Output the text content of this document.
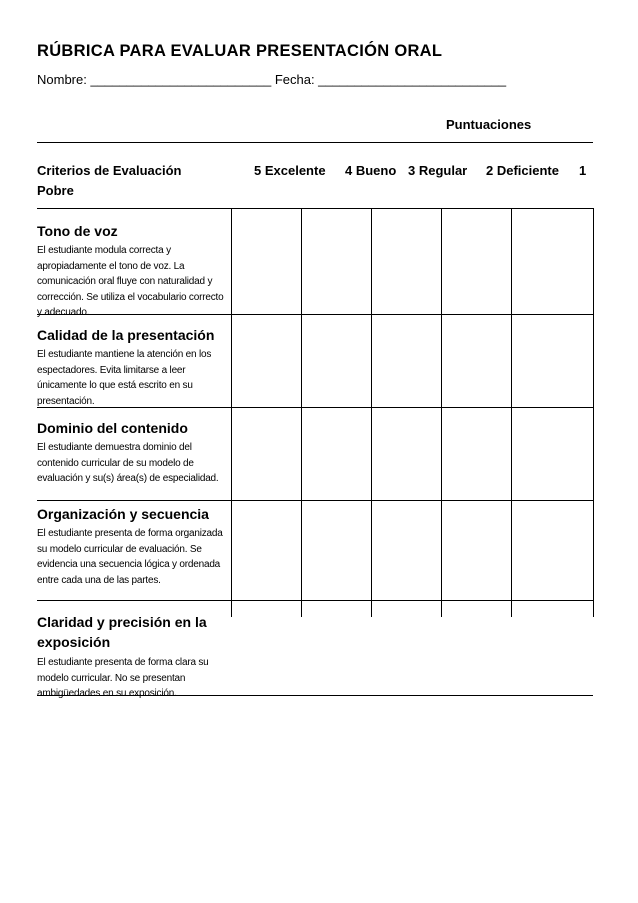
RÚBRICA PARA EVALUAR PRESENTACIÓN ORAL
Nombre: _________________________ Fecha: __________________________
Puntuaciones
Criterios de Evaluación
Pobre
5 Excelente 4 Bueno 3 Regular 2 Deficiente 1

Tono de voz

El estudiante modula correcta y apropiadamente el tono de voz. La comunicación oral fluye con naturalidad y corrección. Se utiliza el vocabulario correcto y adecuado.

Calidad de la presentación

El estudiante mantiene la atención en los espectadores. Evita limitarse a leer únicamente lo que está escrito en su presentación.

Dominio del contenido

El estudiante demuestra dominio del contenido curricular de su modelo de evaluación y su(s) área(s) de especialidad.

Organización y secuencia

El estudiante presenta de forma organizada su modelo curricular de evaluación. Se evidencia una secuencia lógica y ordenada entre cada una de las partes.

Claridad y precisión en la exposición

El estudiante presenta de forma clara su modelo curricular. No se presentan ambigüedades en su exposición.
